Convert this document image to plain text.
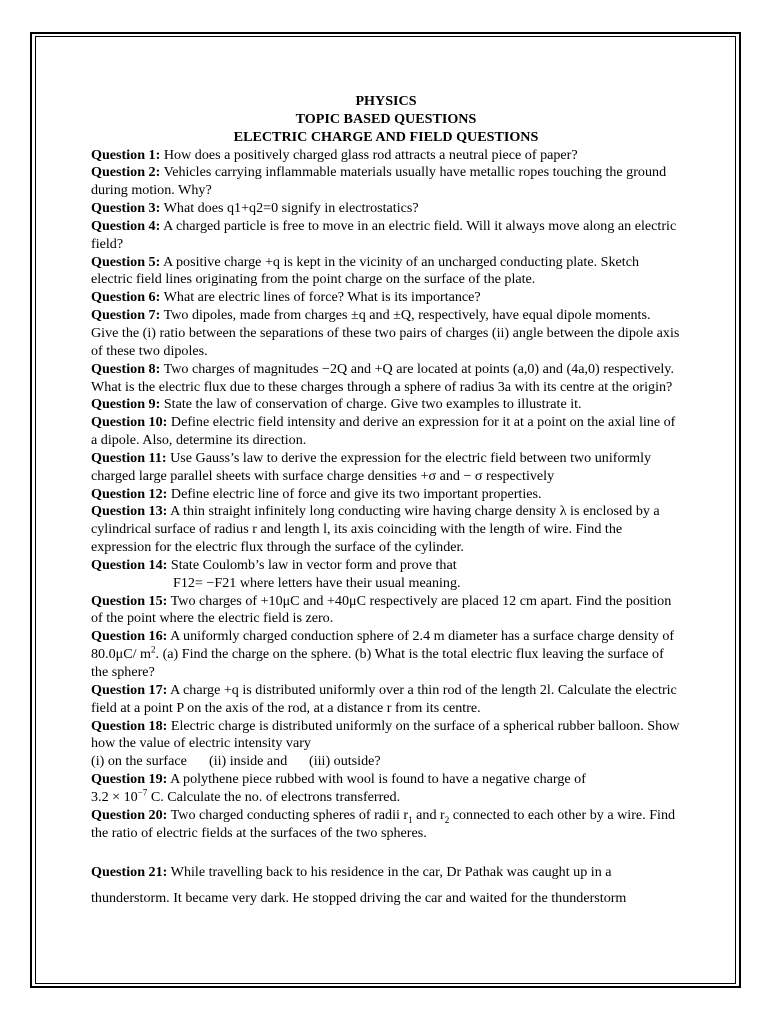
PHYSICS
TOPIC BASED QUESTIONS
ELECTRIC CHARGE AND FIELD QUESTIONS

Question 1: How does a positively charged glass rod attracts a neutral piece of paper?

Question 2: Vehicles carrying inflammable materials usually have metallic ropes touching the ground during motion. Why?

Question 3: What does q1+q2=0 signify in electrostatics?

Question 4: A charged particle is free to move in an electric field. Will it always move along an electric field?

Question 5: A positive charge +q is kept in the vicinity of an uncharged conducting plate. Sketch electric field lines originating from the point charge on the surface of the plate.

Question 6: What are electric lines of force? What is its importance?

Question 7: Two dipoles, made from charges ±q and ±Q, respectively, have equal dipole moments. Give the (i) ratio between the separations of these two pairs of charges (ii) angle between the dipole axis of these two dipoles.

Question 8: Two charges of magnitudes −2Q and +Q are located at points (a,0) and (4a,0) respectively. What is the electric flux due to these charges through a sphere of radius 3a with its centre at the origin?

Question 9: State the law of conservation of charge. Give two examples to illustrate it.

Question 10: Define electric field intensity and derive an expression for it at a point on the axial line of a dipole. Also, determine its direction.

Question 11: Use Gauss’s law to derive the expression for the electric field between two uniformly charged large parallel sheets with surface charge densities +σ and − σ respectively

Question 12: Define electric line of force and give its two important properties.

Question 13: A thin straight infinitely long conducting wire having charge density λ is enclosed by a cylindrical surface of radius r and length l, its axis coinciding with the length of wire. Find the expression for the electric flux through the surface of the cylinder.

Question 14: State Coulomb’s law in vector form and prove that

F12= −F21 where letters have their usual meaning.

Question 15: Two charges of +10μC and +40μC respectively are placed 12 cm apart. Find the position of the point where the electric field is zero.

Question 16: A uniformly charged conduction sphere of 2.4 m diameter has a surface charge density of 80.0μC/ $m^2$. (a) Find the charge on the sphere. (b) What is the total electric flux leaving the surface of the sphere?

Question 17: A charge +q is distributed uniformly over a thin rod of the length 2l. Calculate the electric field at a point P on the axis of the rod, at a distance r from its centre.

Question 18: Electric charge is distributed uniformly on the surface of a spherical rubber balloon. Show how the value of electric intensity vary

(i) on the surface (ii) inside and (iii) outside?

Question 19: A polythene piece rubbed with wool is found to have a negative charge of

$3.2 \times 10^{-7}$ C. Calculate the no. of electrons transferred.

Question 20: Two charged conducting spheres of radii $r_1$ and $r_2$ connected to each other by a wire. Find the ratio of electric fields at the surfaces of the two spheres.

Question 21: While travelling back to his residence in the car, Dr Pathak was caught up in a thunderstorm. It became very dark. He stopped driving the car and waited for the thunderstorm
